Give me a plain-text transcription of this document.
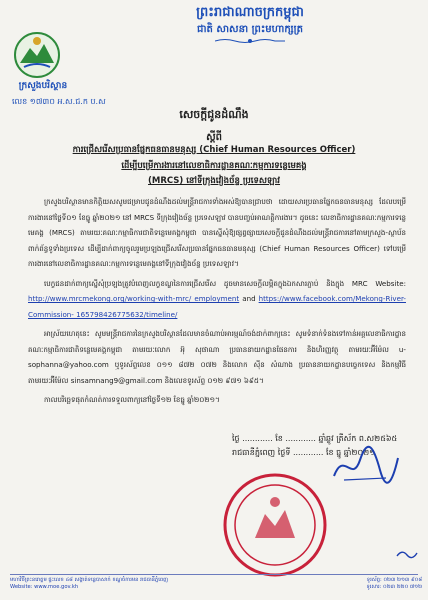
ព្រះរាជាណាចក្រកម្ពុជា
ជាតិ សាសនា ព្រះមហាក្សត្រ
ក្រសួងបរិស្ថាន
លេខ ១៧៣០ អ.ស.ជ.ក ប.ស
សេចក្ដីជូនដំណឹង
ស្ដីពី
ការជ្រើសរើសប្រធានផ្នែកធនធានមនុស្ស (Chief Human Resources Officer)
ដើម្បីបម្រើការងារនៅលេខាធិការដ្ឋានគណៈកម្មការទន្លេមេគង្គ
(MRCS) នៅទីក្រុងវៀងច័ន្ទ ប្រទេសឡាវ

ក្រសួងបរិស្ថានមានកិត្តិយសសូមជម្រាបជូនដំណឹងដល់មន្ត្រីរាជការទាំងអស់ឱ្យបានជ្រាបថា ដោយសារប្រធានផ្នែកធនធានមនុស្ស ដែលបម្រើការងារនៅថ្ងៃទី០១ ខែធ្នូ ឆ្នាំ២០២១ នៅ MRCS ទីក្រុងវៀងច័ន្ទ ប្រទេសឡាវ បានបញ្ចប់អាណត្តិការងារ។ ដូចនេះ លេខាធិការដ្ឋានគណៈកម្មការទន្លេមេគង្គ (MRCS) តាមរយៈគណៈកម្មាធិការជាតិទន្លេមេគង្គកម្ពុជា បានស្នើសុំឱ្យផ្សព្វផ្សាយសេចក្ដីជូនដំណឹងដល់មន្ត្រីរាជការនៅតាមក្រសួង-ស្ថាប័នពាក់ព័ន្ធទូទាំងប្រទេស ដើម្បីដាក់ពាក្យចូលរួមប្រឡងជ្រើសរើសប្រធានផ្នែកធនធានមនុស្ស (Chief Human Resources Officer) ទៅបម្រើការងារនៅលេខាធិការដ្ឋានគណៈកម្មការទន្លេមេគង្គនៅទីក្រុងវៀងច័ន្ទ ប្រទេសឡាវ។

បេក្ខជនដាក់ពាក្យស្នើសុំប្រឡងត្រូវបំពេញលក្ខខណ្ឌនៃការជ្រើសរើស ដូចមានសេចក្ដីលម្អិតក្នុងឯកសារភ្ជាប់ និងក្នុង MRC Website: http://www.mrcmekong.org/working-with-mrc/ employment and https://www.facebook.com/Mekong-River-Commission- 165798426775632/timeline/

អាស្រ័យហេតុនេះ សូមមន្ត្រីរាជការនៃក្រសួងបរិស្ថានដែលមានចំណាប់អារម្មណ៍ចង់ដាក់ពាក្យនេះ សូមទំនាក់ទំនងទៅកាន់អគ្គលេខាធិការដ្ឋានគណៈកម្មាធិការជាតិទន្លេមេគង្គកម្ពុជា តាមរយៈលោក អ៊ុ សុផាណា ប្រធាននាយកដ្ឋានផែនការ និងហិរញ្ញវត្ថុ តាមរយៈអ៊ីម៉ែល u-sophanna@yahoo.com ឬទូរស័ព្ទលេខ ០១១ ៨៧២ ០៧២ និងលោក ស៊ីន សំណាង ប្រធាននាយកដ្ឋានបច្ចេកទេស និងកម្មវិធី តាមរយៈអ៊ីម៉ែល sinsamnang9@gmail.com និងលេខទូរស័ព្ទ ០១២ ៩៧១ ៦៩៥។

កាលបរិច្ឆេទផុតកំណត់ការទទួលពាក្យនៅថ្ងៃទី១២ ខែធ្នូ ឆ្នាំ២០២១។

ថ្ងៃ ............ ខែ ............ ឆ្នាំឆ្លូវ ត្រីស័ក ព.ស២៥៦៥
រាជធានីភ្នំពេញ ថ្ងៃទី ............ ខែ ធ្នូ ឆ្នាំ២០២១
មហាវិថីព្រះនរោត្តម ផ្ទះលេខ ៤៨ សង្កាត់ទន្លេបាសាក់ ខណ្ឌចំការមន រាជធានីភ្នំពេញ
Website: www.moe.gov.kh
ទូរស័ព្ទ: ០២៣ ២១៣ ៩០៨
ទូរសារ: ០២៣ ២២០ ៧១២
